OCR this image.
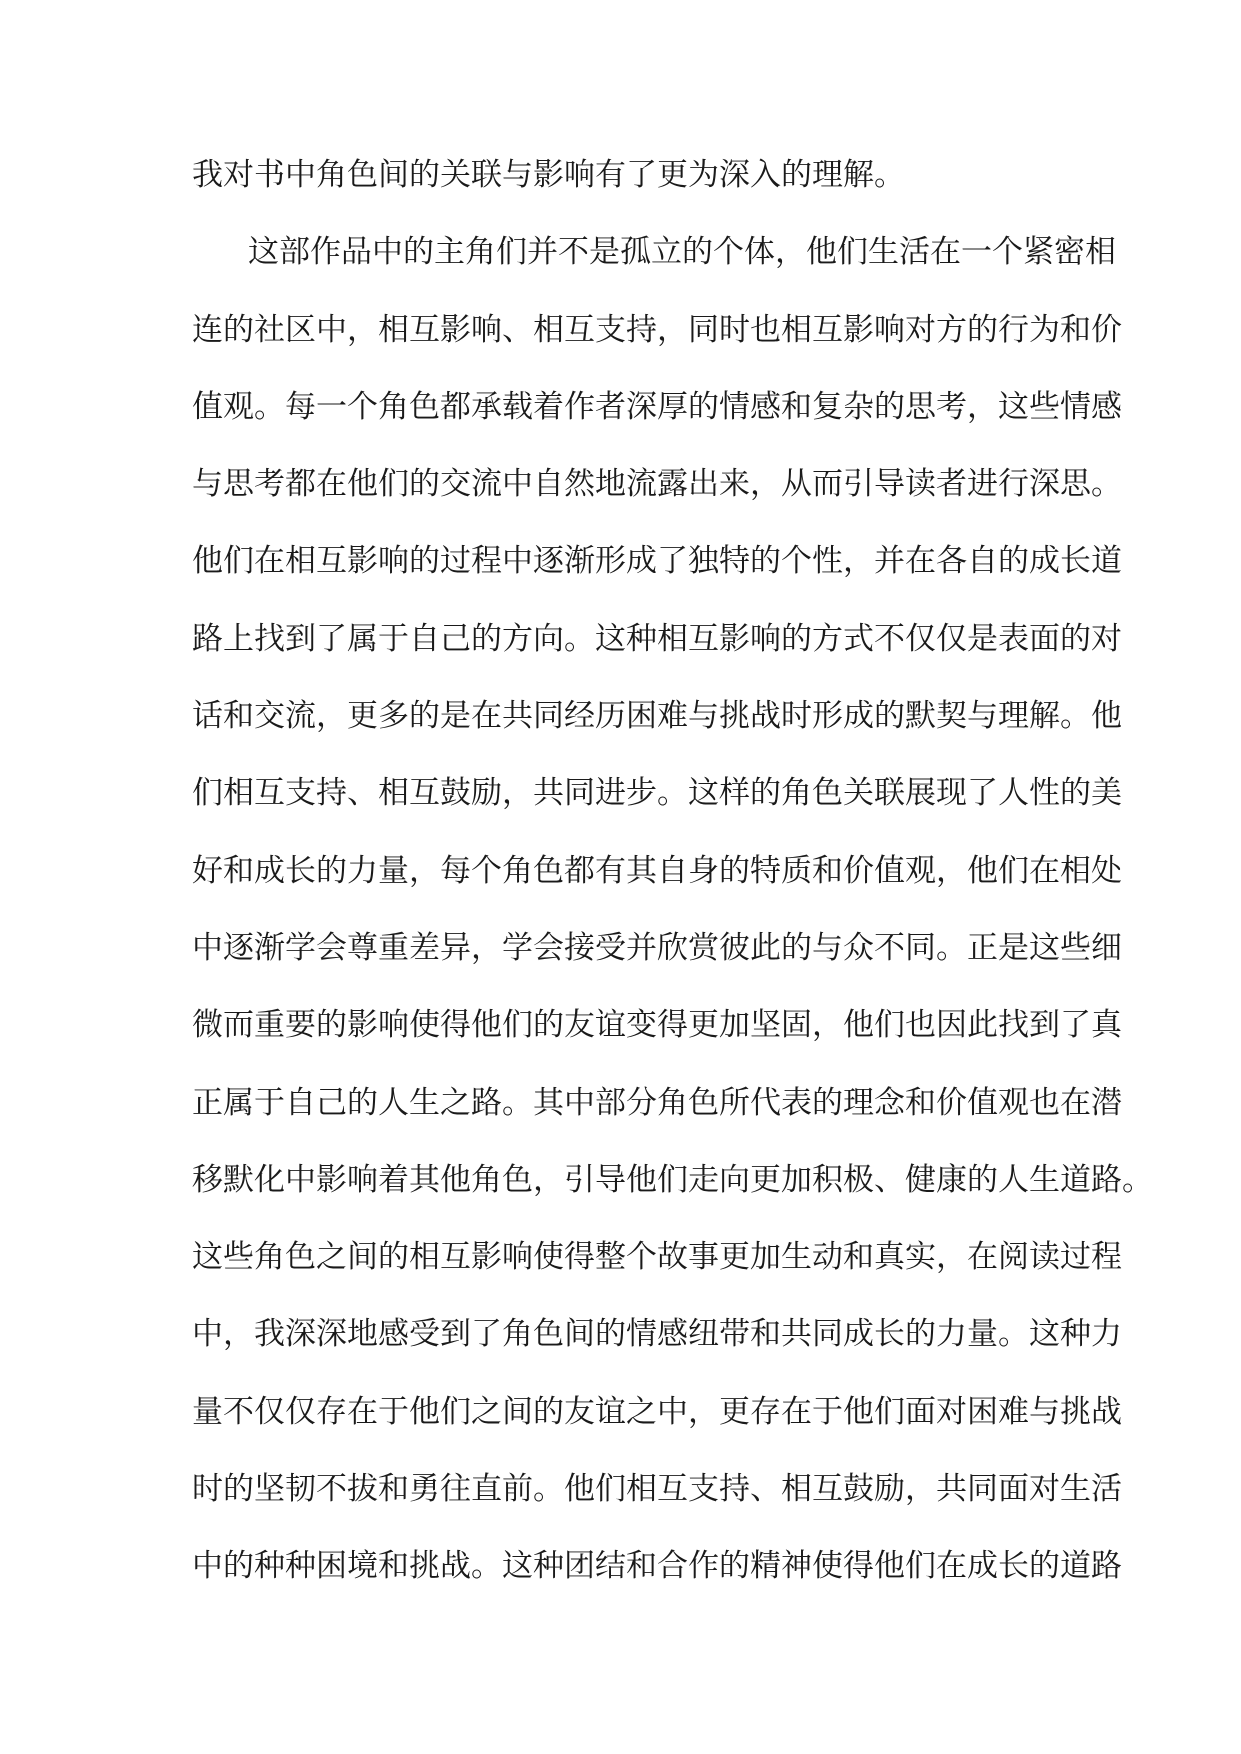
我对书中角色间的关联与影响有了更为深入的理解。
这部作品中的主角们并不是孤立的个体，他们生活在一个紧密相
连的社区中，相互影响、相互支持，同时也相互影响对方的行为和价
值观。每一个角色都承载着作者深厚的情感和复杂的思考，这些情感
与思考都在他们的交流中自然地流露出来，从而引导读者进行深思。
他们在相互影响的过程中逐渐形成了独特的个性，并在各自的成长道
路上找到了属于自己的方向。这种相互影响的方式不仅仅是表面的对
话和交流，更多的是在共同经历困难与挑战时形成的默契与理解。他
们相互支持、相互鼓励，共同进步。这样的角色关联展现了人性的美
好和成长的力量，每个角色都有其自身的特质和价值观，他们在相处
中逐渐学会尊重差异，学会接受并欣赏彼此的与众不同。正是这些细
微而重要的影响使得他们的友谊变得更加坚固，他们也因此找到了真
正属于自己的人生之路。其中部分角色所代表的理念和价值观也在潜
移默化中影响着其他角色，引导他们走向更加积极、健康的人生道路。
这些角色之间的相互影响使得整个故事更加生动和真实，在阅读过程
中，我深深地感受到了角色间的情感纽带和共同成长的力量。这种力
量不仅仅存在于他们之间的友谊之中，更存在于他们面对困难与挑战
时的坚韧不拔和勇往直前。他们相互支持、相互鼓励，共同面对生活
中的种种困境和挑战。这种团结和合作的精神使得他们在成长的道路
